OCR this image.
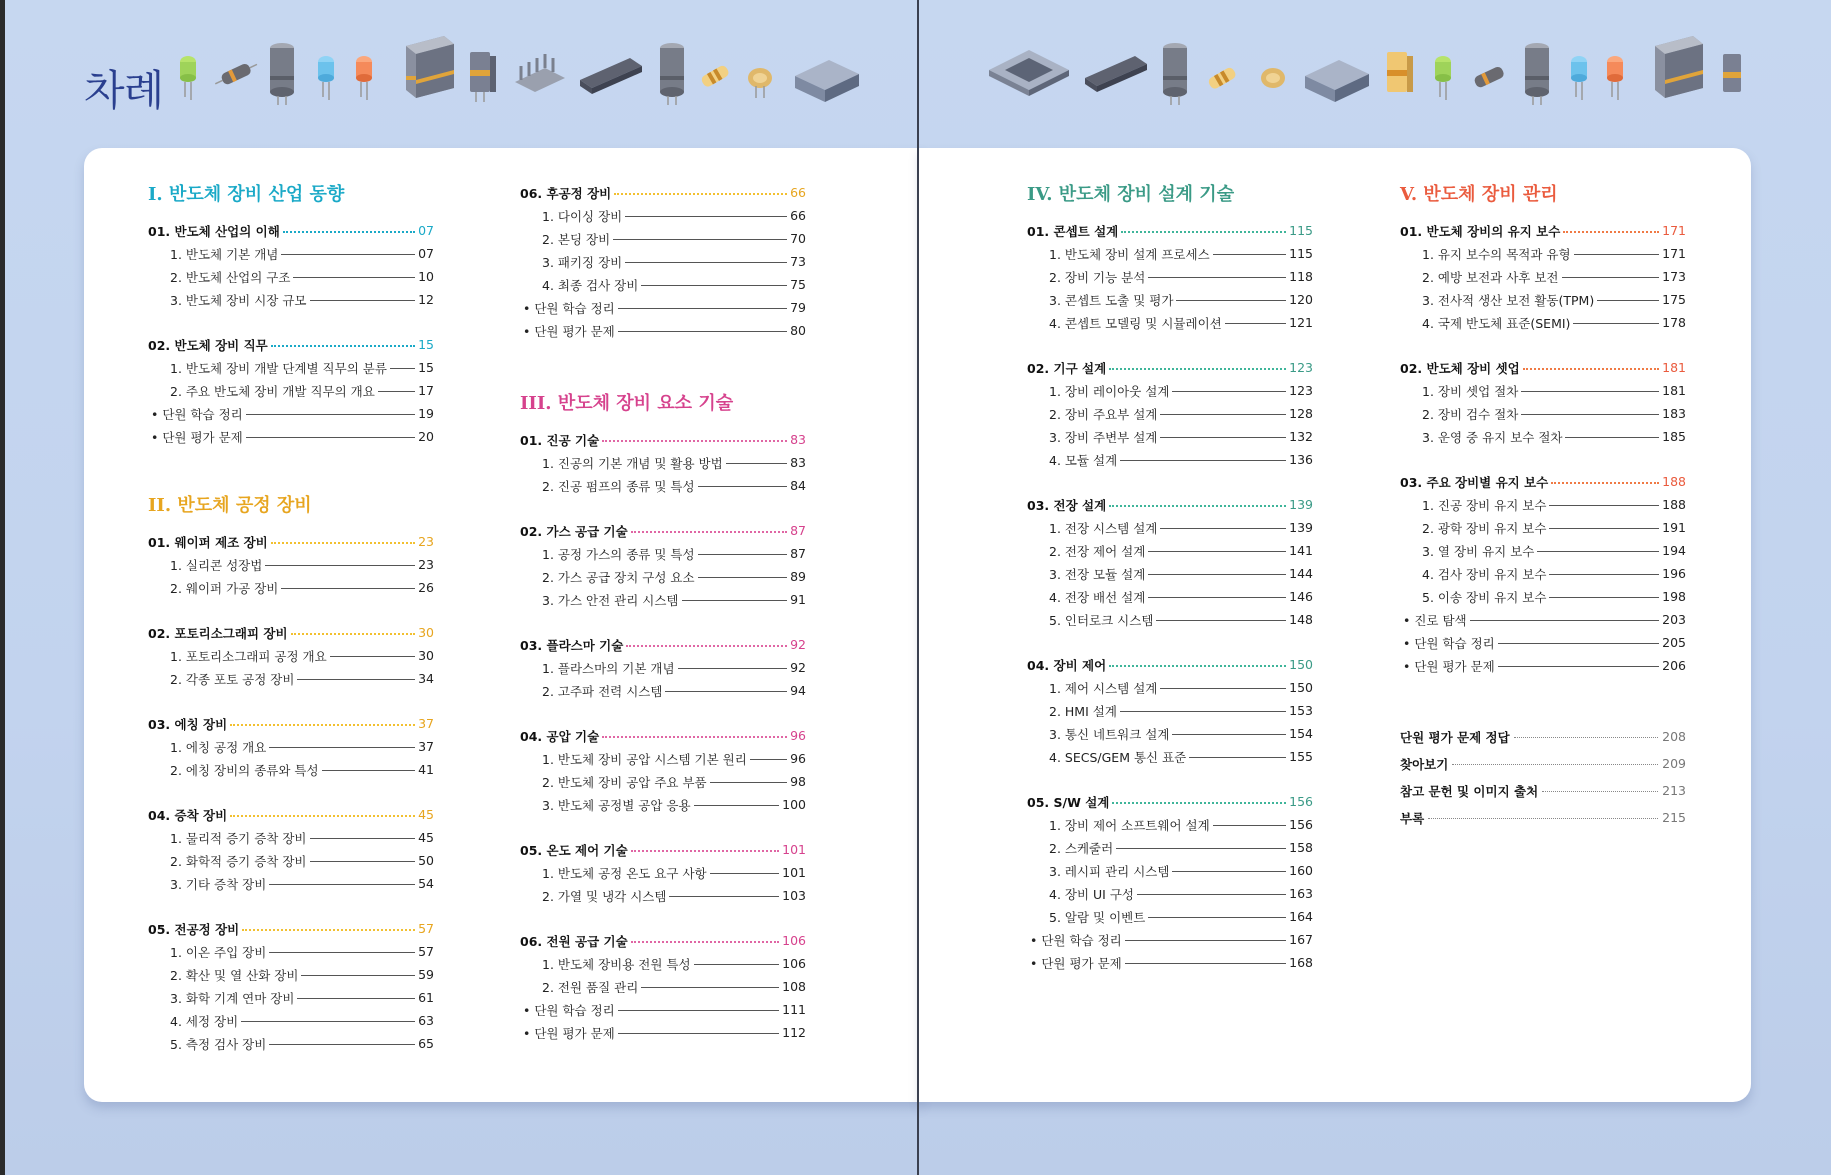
차례
I. 반도체 장비 산업 동향
01. 반도체 산업의 이해	07
1. 반도체 기본 개념	07
2. 반도체 산업의 구조	10
3. 반도체 장비 시장 규모	12
02. 반도체 장비 직무	15
1. 반도체 장비 개발 단계별 직무의 분류 15
2. 주요 반도체 장비 개발 직무의 개요	17
• 단원 학습 정리	19
• 단원 평가 문제	20
II. 반도체 공정 장비
01. 웨이퍼 제조 장비	23
1. 실리콘 성장법	23
2. 웨이퍼 가공 장비	26
02. 포토리소그래피 장비	30
1. 포토리소그래피 공정 개요	30
2. 각종 포토 공정 장비	34
03. 에칭 장비	37
1. 에칭 공정 개요	37
2. 에칭 장비의 종류와 특성	41
04. 증착 장비	45
1. 물리적 증기 증착 장비	45
2. 화학적 증기 증착 장비	50
3. 기타 증착 장비	54
05. 전공정 장비	57
1. 이온 주입 장비	57
2. 확산 및 열 산화 장비	59
3. 화학 기계 연마 장비	61
4. 세정 장비	63
5. 측정 검사 장비	65
06. 후공정 장비	66
1. 다이싱 장비	66
2. 본딩 장비	70
3. 패키징 장비	73
4. 최종 검사 장비	75
• 단원 학습 정리	79
• 단원 평가 문제	80
III. 반도체 장비 요소 기술
01. 진공 기술	83
1. 진공의 기본 개념 및 활용 방법	83
2. 진공 펌프의 종류 및 특성	84
02. 가스 공급 기술	87
1. 공정 가스의 종류 및 특성	87
2. 가스 공급 장치 구성 요소	89
3. 가스 안전 관리 시스템	91
03. 플라스마 기술	92
1. 플라스마의 기본 개념	92
2. 고주파 전력 시스템	94
04. 공압 기술	96
1. 반도체 장비 공압 시스템 기본 원리	96
2. 반도체 장비 공압 주요 부품	98
3. 반도체 공정별 공압 응용	100
05. 온도 제어 기술	101
1. 반도체 공정 온도 요구 사항	101
2. 가열 및 냉각 시스템	103
06. 전원 공급 기술	106
1. 반도체 장비용 전원 특성	106
2. 전원 품질 관리	108
• 단원 학습 정리	111
• 단원 평가 문제	112
IV. 반도체 장비 설계 기술
01. 콘셉트 설계	115
1. 반도체 장비 설계 프로세스	115
2. 장비 기능 분석	118
3. 콘셉트 도출 및 평가	120
4. 콘셉트 모델링 및 시뮬레이션	121
02. 기구 설계	123
1. 장비 레이아웃 설계	123
2. 장비 주요부 설계	128
3. 장비 주변부 설계	132
4. 모듈 설계	136
03. 전장 설계	139
1. 전장 시스템 설계	139
2. 전장 제어 설계	141
3. 전장 모듈 설계	144
4. 전장 배선 설계	146
5. 인터로크 시스템	148
04. 장비 제어	150
1. 제어 시스템 설계	150
2. HMI 설계	153
3. 통신 네트워크 설계	154
4. SECS/GEM 통신 표준	155
05. S/W 설계	156
1. 장비 제어 소프트웨어 설계	156
2. 스케줄러	158
3. 레시피 관리 시스템	160
4. 장비 UI 구성	163
5. 알람 및 이벤트	164
• 단원 학습 정리	167
• 단원 평가 문제	168
V. 반도체 장비 관리
01. 반도체 장비의 유지 보수	171
1. 유지 보수의 목적과 유형	171
2. 예방 보전과 사후 보전	173
3. 전사적 생산 보전 활동(TPM)	175
4. 국제 반도체 표준(SEMI)	178
02. 반도체 장비 셋업	181
1. 장비 셋업 절차	181
2. 장비 검수 절차	183
3. 운영 중 유지 보수 절차	185
03. 주요 장비별 유지 보수	188
1. 진공 장비 유지 보수	188
2. 광학 장비 유지 보수	191
3. 열 장비 유지 보수	194
4. 검사 장비 유지 보수	196
5. 이송 장비 유지 보수	198
• 진로 탐색	203
• 단원 학습 정리	205
• 단원 평가 문제	206
단원 평가 문제 정답	208
찾아보기	209
참고 문헌 및 이미지 출처	213
부록	215
